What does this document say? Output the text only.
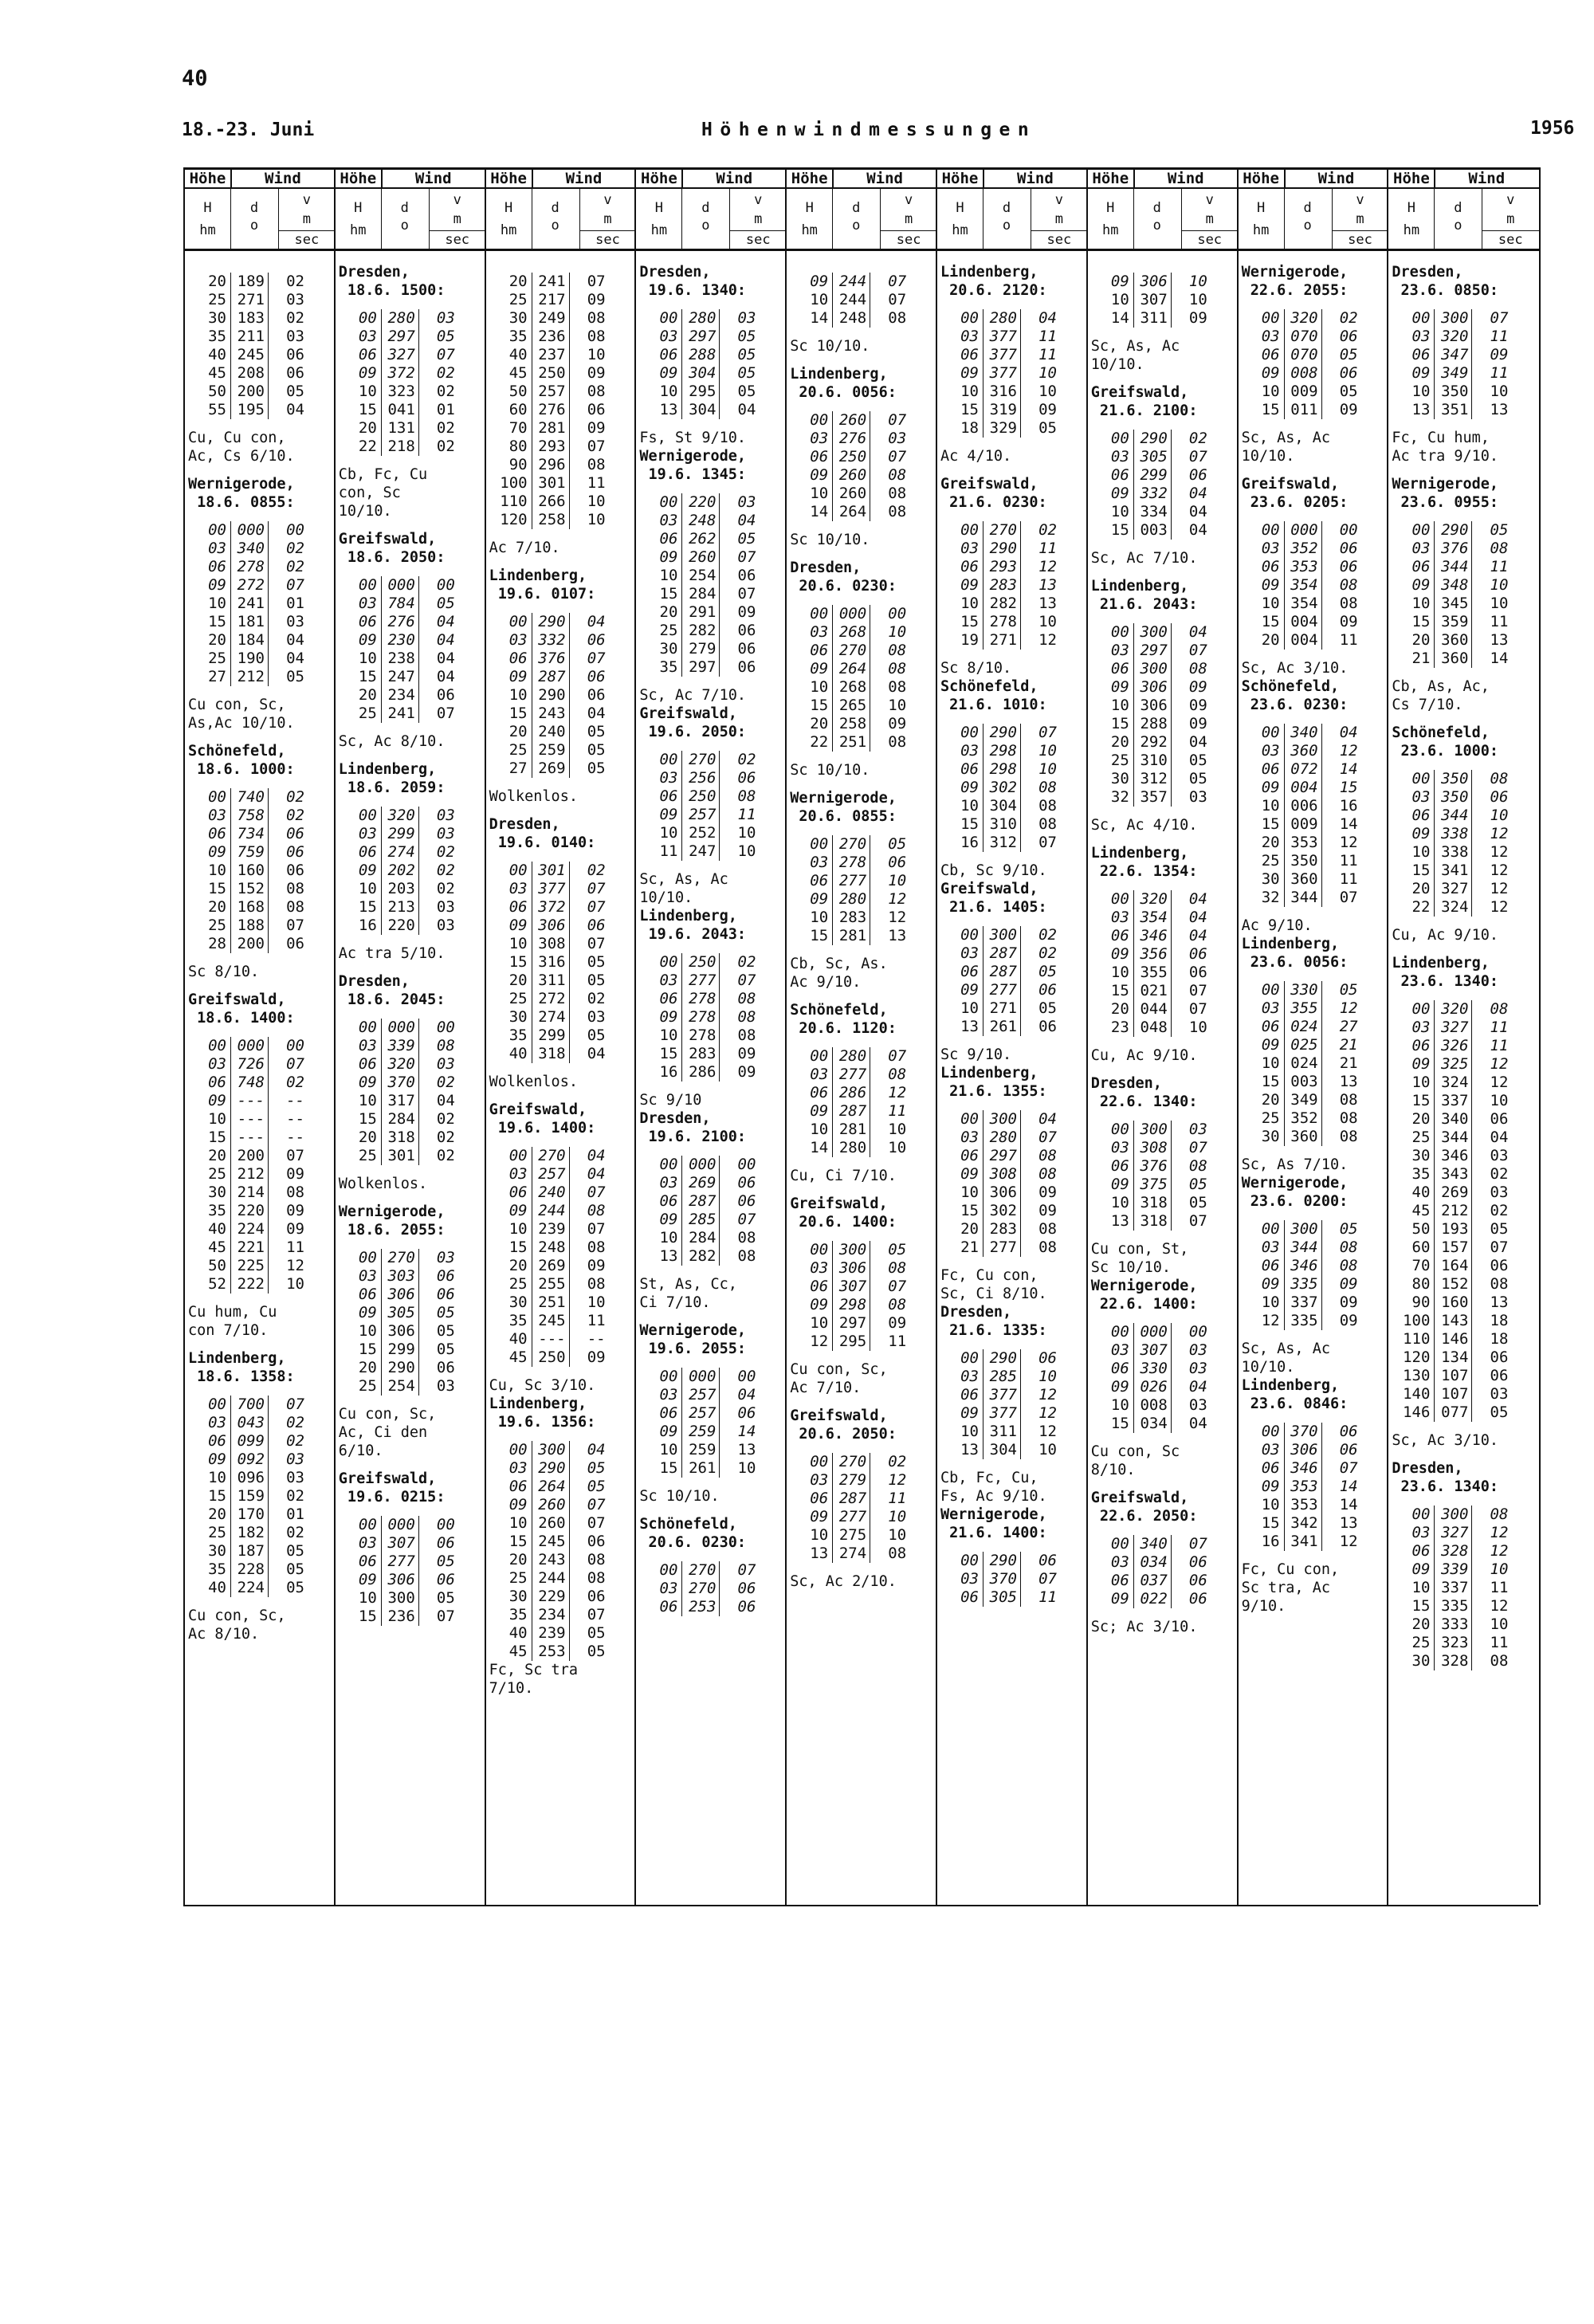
40
18.-23. Juni	Höhenwindmessungen	1956
Höhe	Wind
H
hm
d
o
v
m
sec
20 189	02
25 271	03
30 183	02
35 211	03
40 245	06
45 208	06
50 200	05
55 195	04
Cu, Cu con,
Ac, Cs 6/10.
Wernigerode,
18.6. 0855:
00 000	00
03 340	02
06 278	02
09 272	07
10 241	01
15 181	03
20 184	04
25 190	04
27 212	05
Cu con, Sc,
As,Ac 10/10.
Schönefeld,
18.6. 1000:
00 740	02
03 758	02
06 734	06
09 759	06
10 160	06
15 152	08
20 168	08
25 188	07
28 200	06
Sc 8/10.
Greifswald,
18.6. 1400:
00 000	00
03 726	07
06 748	02
09 ---	--
10 ---	--
15 ---	--
20 200	07
25 212	09
30 214	08
35 220	09
40 224	09
45 221	11
50 225	12
52 222	10
Cu hum, Cu
con 7/10.
Lindenberg,
18.6. 1358:
00 700	07
03 043	02
06 099	02
09 092	03
10 096	03
15 159	02
20 170	01
25 182	02
30 187	05
35 228	05
40 224	05
Cu con, Sc,
Ac 8/10.
Höhe	Wind
H
hm
d
o
v
m
sec
Dresden,
18.6. 1500:
00 280	03
03 297	05
06 327	07
09 372	02
10 323	02
15 041	01
20 131	02
22 218	02
Cb, Fc, Cu
con, Sc
10/10.
Greifswald,
18.6. 2050:
00 000	00
03 784	05
06 276	04
09 230	04
10 238	04
15 247	04
20 234	06
25 241	07
Sc, Ac 8/10.
Lindenberg,
18.6. 2059:
00 320	03
03 299	03
06 274	02
09 202	02
10 203	02
15 213	03
16 220	03
Ac tra 5/10.
Dresden,
18.6. 2045:
00 000	00
03 339	08
06 320	03
09 370	02
10 317	04
15 284	02
20 318	02
25 301	02
Wolkenlos.
Wernigerode,
18.6. 2055:
00 270	03
03 303	06
06 306	06
09 305	05
10 306	05
15 299	05
20 290	06
25 254	03
Cu con, Sc,
Ac, Ci den
6/10.
Greifswald,
19.6. 0215:
00 000	00
03 307	06
06 277	05
09 306	06
10 300	05
15 236	07
Höhe	Wind
H
hm
d
o
v
m
sec
20 241	07
25 217	09
30 249	08
35 236	08
40 237	10
45 250	09
50 257	08
60 276	06
70 281	09
80 293	07
90 296	08
100 301	11
110 266	10
120 258	10
Ac 7/10.
Lindenberg,
19.6. 0107:
00 290	04
03 332	06
06 376	07
09 287	06
10 290	06
15 243	04
20 240	05
25 259	05
27 269	05
Wolkenlos.
Dresden,
19.6. 0140:
00 301	02
03 377	07
06 372	07
09 306	06
10 308	07
15 316	05
20 311	05
25 272	02
30 274	03
35 299	05
40 318	04
Wolkenlos.
Greifswald,
19.6. 1400:
00 270	04
03 257	04
06 240	07
09 244	08
10 239	07
15 248	08
20 269	09
25 255	08
30 251	10
35 245	11
40 ---	--
45 250	09
Cu, Sc 3/10.
Lindenberg,
19.6. 1356:
00 300	04
03 290	05
06 264	05
09 260	07
10 260	07
15 245	06
20 243	08
25 244	08
30 229	06
35 234	07
40 239	05
45 253	05
Fc, Sc tra
7/10.
Höhe	Wind
H
hm
d
o
v
m
sec
Dresden,
19.6. 1340:
00 280	03
03 297	05
06 288	05
09 304	05
10 295	05
13 304	04
Fs, St 9/10.
Wernigerode,
19.6. 1345:
00 220	03
03 248	04
06 262	05
09 260	07
10 254	06
15 284	07
20 291	09
25 282	06
30 279	06
35 297	06
Sc, Ac 7/10.
Greifswald,
19.6. 2050:
00 270	02
03 256	06
06 250	08
09 257	11
10 252	10
11 247	10
Sc, As, Ac
10/10.
Lindenberg,
19.6. 2043:
00 250	02
03 277	07
06 278	08
09 278	08
10 278	08
15 283	09
16 286	09
Sc 9/10
Dresden,
19.6. 2100:
00 000	00
03 269	06
06 287	06
09 285	07
10 284	08
13 282	08
St, As, Cc,
Ci 7/10.
Wernigerode,
19.6. 2055:
00 000	00
03 257	04
06 257	06
09 259	14
10 259	13
15 261	10
Sc 10/10.
Schönefeld,
20.6. 0230:
00 270	07
03 270	06
06 253	06
Höhe	Wind
H
hm
d
o
v
m
sec
09 244	07
10 244	07
14 248	08
Sc 10/10.
Lindenberg,
20.6. 0056:
00 260	07
03 276	03
06 250	07
09 260	08
10 260	08
14 264	08
Sc 10/10.
Dresden,
20.6. 0230:
00 000	00
03 268	10
06 270	08
09 264	08
10 268	08
15 265	10
20 258	09
22 251	08
Sc 10/10.
Wernigerode,
20.6. 0855:
00 270	05
03 278	06
06 277	10
09 280	12
10 283	12
15 281	13
Cb, Sc, As.
Ac 9/10.
Schönefeld,
20.6. 1120:
00 280	07
03 277	08
06 286	12
09 287	11
10 281	10
14 280	10
Cu, Ci 7/10.
Greifswald,
20.6. 1400:
00 300	05
03 306	08
06 307	07
09 298	08
10 297	09
12 295	11
Cu con, Sc,
Ac 7/10.
Greifswald,
20.6. 2050:
00 270	02
03 279	12
06 287	11
09 277	10
10 275	10
13 274	08
Sc, Ac 2/10.
Höhe	Wind
H
hm
d
o
v
m
sec
Lindenberg,
20.6. 2120:
00 280	04
03 377	11
06 377	11
09 377	10
10 316	10
15 319	09
18 329	05
Ac 4/10.
Greifswald,
21.6. 0230:
00 270	02
03 290	11
06 293	12
09 283	13
10 282	13
15 278	10
19 271	12
Sc 8/10.
Schönefeld,
21.6. 1010:
00 290	07
03 298	10
06 298	10
09 302	08
10 304	08
15 310	08
16 312	07
Cb, Sc 9/10.
Greifswald,
21.6. 1405:
00 300	02
03 287	02
06 287	05
09 277	06
10 271	05
13 261	06
Sc 9/10.
Lindenberg,
21.6. 1355:
00 300	04
03 280	07
06 297	08
09 308	08
10 306	09
15 302	09
20 283	08
21 277	08
Fc, Cu con,
Sc, Ci 8/10.
Dresden,
21.6. 1335:
00 290	06
03 285	10
06 377	12
09 377	12
10 311	12
13 304	10
Cb, Fc, Cu,
Fs, Ac 9/10.
Wernigerode,
21.6. 1400:
00 290	06
03 370	07
06 305	11
Höhe	Wind
H
hm
d
o
v
m
sec
09 306	10
10 307	10
14 311	09
Sc, As, Ac
10/10.
Greifswald,
21.6. 2100:
00 290	02
03 305	07
06 299	06
09 332	04
10 334	04
15 003	04
Sc, Ac 7/10.
Lindenberg,
21.6. 2043:
00 300	04
03 297	07
06 300	08
09 306	09
10 306	09
15 288	09
20 292	04
25 310	05
30 312	05
32 357	03
Sc, Ac 4/10.
Lindenberg,
22.6. 1354:
00 320	04
03 354	04
06 346	04
09 356	06
10 355	06
15 021	07
20 044	07
23 048	10
Cu, Ac 9/10.
Dresden,
22.6. 1340:
00 300	03
03 308	07
06 376	08
09 375	05
10 318	05
13 318	07
Cu con, St,
Sc 10/10.
Wernigerode,
22.6. 1400:
00 000	00
03 307	03
06 330	03
09 026	04
10 008	03
15 034	04
Cu con, Sc
8/10.
Greifswald,
22.6. 2050:
00 340	07
03 034	06
06 037	06
09 022	06
Sc; Ac 3/10.
Höhe	Wind
H
hm
d
o
v
m
sec
Wernigerode,
22.6. 2055:
00 320	02
03 070	06
06 070	05
09 008	06
10 009	05
15 011	09
Sc, As, Ac
10/10.
Greifswald,
23.6. 0205:
00 000	00
03 352	06
06 353	06
09 354	08
10 354	08
15 004	09
20 004	11
Sc, Ac 3/10.
Schönefeld,
23.6. 0230:
00 340	04
03 360	12
06 072	14
09 004	15
10 006	16
15 009	14
20 353	12
25 350	11
30 360	11
32 344	07
Ac 9/10.
Lindenberg,
23.6. 0056:
00 330	05
03 355	12
06 024	27
09 025	21
10 024	21
15 003	13
20 349	08
25 352	08
30 360	08
Sc, As 7/10.
Wernigerode,
23.6. 0200:
00 300	05
03 344	08
06 346	08
09 335	09
10 337	09
12 335	09
Sc, As, Ac
10/10.
Lindenberg,
23.6. 0846:
00 370	06
03 306	06
06 346	07
09 353	14
10 353	14
15 342	13
16 341	12
Fc, Cu con,
Sc tra, Ac
9/10.
Höhe	Wind
H
hm
d
o
v
m
sec
Dresden,
23.6. 0850:
00 300	07
03 320	11
06 347	09
09 349	11
10 350	10
13 351	13
Fc, Cu hum,
Ac tra 9/10.
Wernigerode,
23.6. 0955:
00 290	05
03 376	08
06 344	11
09 348	10
10 345	10
15 359	11
20 360	13
21 360	14
Cb, As, Ac,
Cs 7/10.
Schönefeld,
23.6. 1000:
00 350	08
03 350	06
06 344	10
09 338	12
10 338	12
15 341	12
20 327	12
22 324	12
Cu, Ac 9/10.
Lindenberg,
23.6. 1340:
00 320	08
03 327	11
06 326	11
09 325	12
10 324	12
15 337	10
20 340	06
25 344	04
30 346	03
35 343	02
40 269	03
45 212	02
50 193	05
60 157	07
70 164	06
80 152	08
90 160	13
100 143	18
110 146	18
120 134	06
130 107	06
140 107	03
146 077	05
Sc, Ac 3/10.
Dresden,
23.6. 1340:
00 300	08
03 327	12
06 328	12
09 339	10
10 337	11
15 335	12
20 333	10
25 323	11
30 328	08
